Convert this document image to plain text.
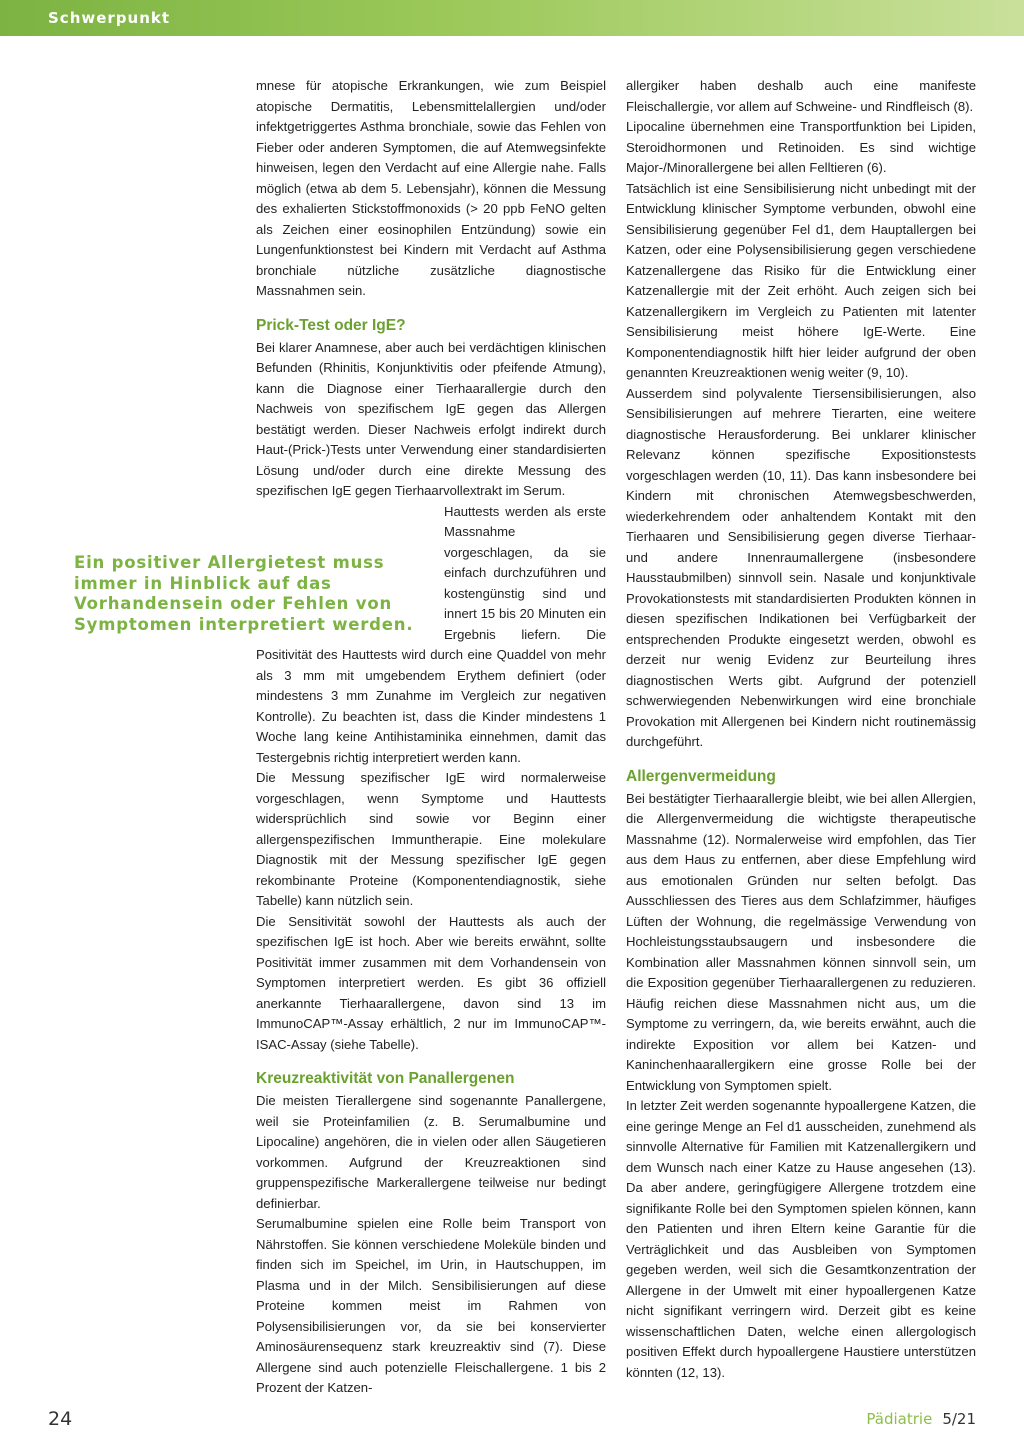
Schwerpunkt

mnese für atopische Erkrankungen, wie zum Beispiel atopische Dermatitis, Lebensmittelallergien und/oder infektgetriggertes Asthma bronchiale, sowie das Fehlen von Fieber oder anderen Symptomen, die auf Atemwegsinfekte hinweisen, legen den Verdacht auf eine Allergie nahe. Falls möglich (etwa ab dem 5. Lebensjahr), können die Messung des exhalierten Stickstoffmonoxids (> 20 ppb FeNO gelten als Zeichen einer eosinophilen Entzündung) sowie ein Lungenfunktionstest bei Kindern mit Verdacht auf Asthma bronchiale nützliche zusätzliche diagnostische Massnahmen sein.

Prick-Test oder IgE?

Bei klarer Anamnese, aber auch bei verdächtigen klinischen Befunden (Rhinitis, Konjunktivitis oder pfeifende Atmung), kann die Diagnose einer Tierhaarallergie durch den Nachweis von spezifischem IgE gegen das Allergen bestätigt werden. Dieser Nachweis erfolgt indirekt durch Haut-(Prick-)Tests unter Verwendung einer standardisierten Lösung und/oder durch eine direkte Messung des spezifischen IgE gegen Tierhaarvollextrakt im Serum.

Hauttests werden als erste Massnahme vorgeschlagen, da sie einfach durchzuführen und kostengünstig sind und innert 15 bis 20 Minuten ein Ergebnis liefern. Die Positivität des Hauttests wird durch eine Quaddel von mehr als 3 mm mit umgebendem Erythem definiert (oder mindestens 3 mm Zunahme im Vergleich zur negativen Kontrolle). Zu beachten ist, dass die Kinder mindestens 1 Woche lang keine Antihistaminika einnehmen, damit das Testergebnis richtig interpretiert werden kann.

Die Messung spezifischer IgE wird normalerweise vorgeschlagen, wenn Symptome und Hauttests widersprüchlich sind sowie vor Beginn einer allergenspezifischen Immuntherapie. Eine molekulare Diagnostik mit der Messung spezifischer IgE gegen rekombinante Proteine (Komponentendiagnostik, siehe Tabelle) kann nützlich sein.

Die Sensitivität sowohl der Hauttests als auch der spezifischen IgE ist hoch. Aber wie bereits erwähnt, sollte Positivität immer zusammen mit dem Vorhandensein von Symptomen interpretiert werden. Es gibt 36 offiziell anerkannte Tierhaarallergene, davon sind 13 im ImmunoCAP™-Assay erhältlich, 2 nur im ImmunoCAP™-ISAC-Assay (siehe Tabelle).

Kreuzreaktivität von Panallergenen

Die meisten Tierallergene sind sogenannte Panallergene, weil sie Proteinfamilien (z. B. Serumalbumine und Lipocaline) angehören, die in vielen oder allen Säugetieren vorkommen. Aufgrund der Kreuzreaktionen sind gruppenspezifische Markerallergene teilweise nur bedingt definierbar.

Serumalbumine spielen eine Rolle beim Transport von Nährstoffen. Sie können verschiedene Moleküle binden und finden sich im Speichel, im Urin, in Hautschuppen, im Plasma und in der Milch. Sensibilisierungen auf diese Proteine kommen meist im Rahmen von Polysensibilisierungen vor, da sie bei konservierter Aminosäurensequenz stark kreuzreaktiv sind (7). Diese Allergene sind auch potenzielle Fleischallergene. 1 bis 2 Prozent der Katzen-

Ein positiver Allergietest muss immer in Hinblick auf das Vorhandensein oder Fehlen von Symptomen interpretiert werden.

allergiker haben deshalb auch eine manifeste Fleischallergie, vor allem auf Schweine- und Rindfleisch (8).

Lipocaline übernehmen eine Transportfunktion bei Lipiden, Steroidhormonen und Retinoiden. Es sind wichtige Major-/Minorallergene bei allen Felltieren (6).

Tatsächlich ist eine Sensibilisierung nicht unbedingt mit der Entwicklung klinischer Symptome verbunden, obwohl eine Sensibilisierung gegenüber Fel d1, dem Hauptallergen bei Katzen, oder eine Polysensibilisierung gegen verschiedene Katzenallergene das Risiko für die Entwicklung einer Katzenallergie mit der Zeit erhöht. Auch zeigen sich bei Katzenallergikern im Vergleich zu Patienten mit latenter Sensibilisierung meist höhere IgE-Werte. Eine Komponentendiagnostik hilft hier leider aufgrund der oben genannten Kreuzreaktionen wenig weiter (9, 10).

Ausserdem sind polyvalente Tiersensibilisierungen, also Sensibilisierungen auf mehrere Tierarten, eine weitere diagnostische Herausforderung. Bei unklarer klinischer Relevanz können spezifische Expositionstests vorgeschlagen werden (10, 11). Das kann insbesondere bei Kindern mit chronischen Atemwegsbeschwerden, wiederkehrendem oder anhaltendem Kontakt mit den Tierhaaren und Sensibilisierung gegen diverse Tierhaar- und andere Innenraumallergene (insbesondere Hausstaubmilben) sinnvoll sein. Nasale und konjunktivale Provokationstests mit standardisierten Produkten können in diesen spezifischen Indikationen bei Verfügbarkeit der entsprechenden Produkte eingesetzt werden, obwohl es derzeit nur wenig Evidenz zur Beurteilung ihres diagnostischen Werts gibt. Aufgrund der potenziell schwerwiegenden Nebenwirkungen wird eine bronchiale Provokation mit Allergenen bei Kindern nicht routinemässig durchgeführt.

Allergenvermeidung

Bei bestätigter Tierhaarallergie bleibt, wie bei allen Allergien, die Allergenvermeidung die wichtigste therapeutische Massnahme (12). Normalerweise wird empfohlen, das Tier aus dem Haus zu entfernen, aber diese Empfehlung wird aus emotionalen Gründen nur selten befolgt. Das Ausschliessen des Tieres aus dem Schlafzimmer, häufiges Lüften der Wohnung, die regelmässige Verwendung von Hochleistungsstaubsaugern und insbesondere die Kombination aller Massnahmen können sinnvoll sein, um die Exposition gegenüber Tierhaarallergenen zu reduzieren. Häufig reichen diese Massnahmen nicht aus, um die Symptome zu verringern, da, wie bereits erwähnt, auch die indirekte Exposition vor allem bei Katzen- und Kaninchenhaarallergikern eine grosse Rolle bei der Entwicklung von Symptomen spielt.

In letzter Zeit werden sogenannte hypoallergene Katzen, die eine geringe Menge an Fel d1 ausscheiden, zunehmend als sinnvolle Alternative für Familien mit Katzenallergikern und dem Wunsch nach einer Katze zu Hause angesehen (13). Da aber andere, geringfügigere Allergene trotzdem eine signifikante Rolle bei den Symptomen spielen können, kann den Patienten und ihren Eltern keine Garantie für die Verträglichkeit und das Ausbleiben von Symptomen gegeben werden, weil sich die Gesamtkonzentration der Allergene in der Umwelt mit einer hypoallergenen Katze nicht signifikant verringern wird. Derzeit gibt es keine wissenschaftlichen Daten, welche einen allergologisch positiven Effekt durch hypoallergene Haustiere unterstützen könnten (12, 13).

24	Pädiatrie 5/21
